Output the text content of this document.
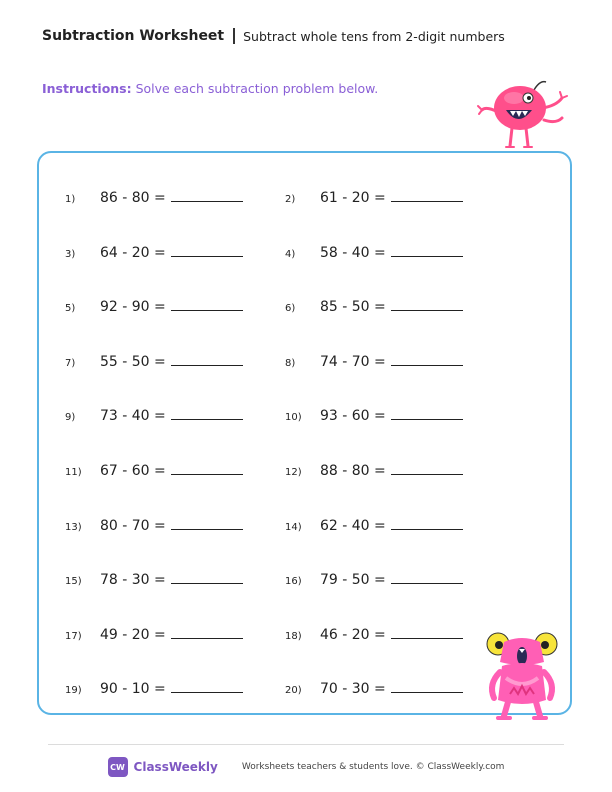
Subtraction Worksheet Subtract whole tens from 2-digit numbers
Instructions: Solve each subtraction problem below.
1)	86 - 80 =	2)	61 - 20 =
3)	64 - 20 =	4)	58 - 40 =
5)	92 - 90 =	6)	85 - 50 =
7)	55 - 50 =	8)	74 - 70 =
9)	73 - 40 =	10)	93 - 60 =
11)	67 - 60 =	12)	88 - 80 =
13)	80 - 70 =	14)	62 - 40 =
15)	78 - 30 =	16)	79 - 50 =
17)	49 - 20 =	18)	46 - 20 =
19)	90 - 10 =	20)	70 - 30 =
CW ClassWeekly	Worksheets teachers & students love. © ClassWeekly.com
